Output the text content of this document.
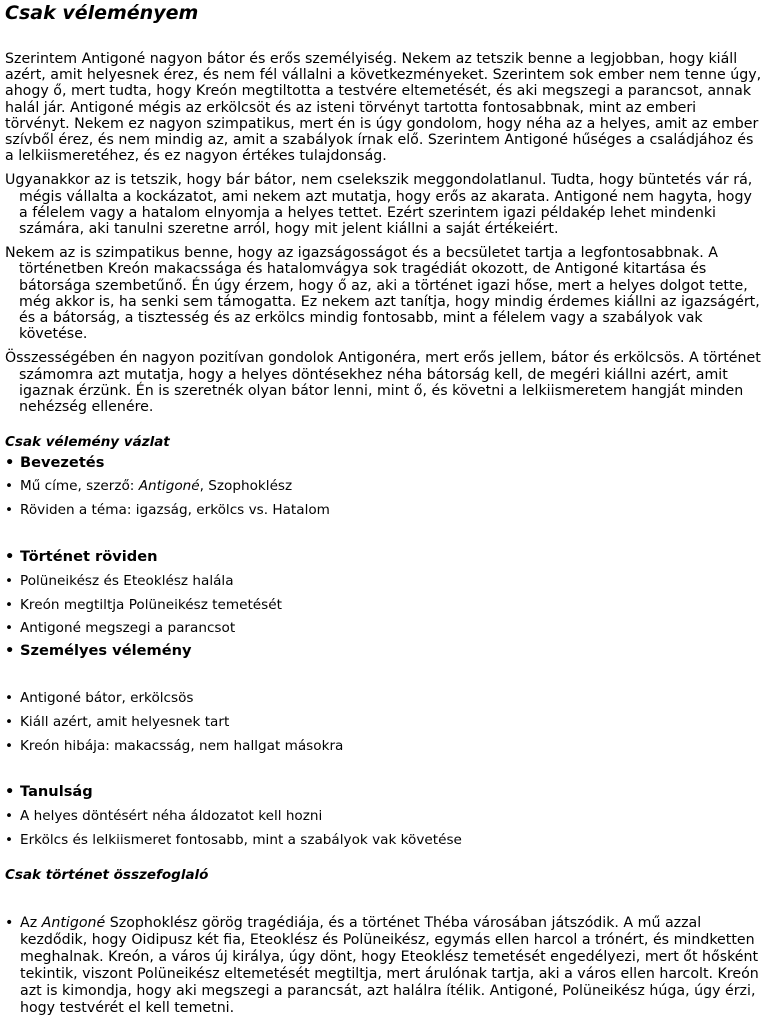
Csak véleményem

Szerintem Antigoné nagyon bátor és erős személyiség. Nekem az tetszik benne a legjobban, hogy kiáll azért, amit helyesnek érez, és nem fél vállalni a következményeket. Szerintem sok ember nem tenne úgy, ahogy ő, mert tudta, hogy Kreón megtiltotta a testvére eltemetését, és aki megszegi a parancsot, annak halál jár. Antigoné mégis az erkölcsöt és az isteni törvényt tartotta fontosabbnak, mint az emberi törvényt. Nekem ez nagyon szimpatikus, mert én is úgy gondolom, hogy néha az a helyes, amit az ember szívből érez, és nem mindig az, amit a szabályok írnak elő. Szerintem Antigoné hűséges a családjához és a lelkiismeretéhez, és ez nagyon értékes tulajdonság.

Ugyanakkor az is tetszik, hogy bár bátor, nem cselekszik meggondolatlanul. Tudta, hogy büntetés vár rá, mégis vállalta a kockázatot, ami nekem azt mutatja, hogy erős az akarata. Antigoné nem hagyta, hogy a félelem vagy a hatalom elnyomja a helyes tettet. Ezért szerintem igazi példakép lehet mindenki számára, aki tanulni szeretne arról, hogy mit jelent kiállni a saját értékeiért.

Nekem az is szimpatikus benne, hogy az igazságosságot és a becsületet tartja a legfontosabbnak. A történetben Kreón makacssága és hatalomvágya sok tragédiát okozott, de Antigoné kitartása és bátorsága szembetűnő. Én úgy érzem, hogy ő az, aki a történet igazi hőse, mert a helyes dolgot tette, még akkor is, ha senki sem támogatta. Ez nekem azt tanítja, hogy mindig érdemes kiállni az igazságért, és a bátorság, a tisztesség és az erkölcs mindig fontosabb, mint a félelem vagy a szabályok vak követése.

Összességében én nagyon pozitívan gondolok Antigonéra, mert erős jellem, bátor és erkölcsös. A történet számomra azt mutatja, hogy a helyes döntésekhez néha bátorság kell, de megéri kiállni azért, amit igaznak érzünk. Én is szeretnék olyan bátor lenni, mint ő, és követni a lelkiismeretem hangját minden nehézség ellenére.

Csak vélemény vázlat
• Bevezetés
• Mű címe, szerző: Antigoné, Szophoklész
• Röviden a téma: igazság, erkölcs vs. Hatalom
• Történet röviden
• Polüneikész és Eteoklész halála
• Kreón megtiltja Polüneikész temetését
• Antigoné megszegi a parancsot
• Személyes vélemény
• Antigoné bátor, erkölcsös
• Kiáll azért, amit helyesnek tart
• Kreón hibája: makacsság, nem hallgat másokra
• Tanulság
• A helyes döntésért néha áldozatot kell hozni
• Erkölcs és lelkiismeret fontosabb, mint a szabályok vak követése
Csak történet összefoglaló
• Az Antigoné Szophoklész görög tragédiája, és a történet Thébа városában játszódik. A mű azzal kezdődik, hogy Oidipusz két fia, Eteoklész és Polüneikész, egymás ellen harcol a trónért, és mindketten meghalnak. Kreón, a város új királya, úgy dönt, hogy Eteoklész temetését engedélyezi, mert őt hősként tekintik, viszont Polüneikész eltemetését megtiltja, mert árulónak tartja, aki a város ellen harcolt. Kreón azt is kimondja, hogy aki megszegi a parancsát, azt halálra ítélik. Antigoné, Polüneikész húga, úgy érzi, hogy testvérét el kell temetni.
